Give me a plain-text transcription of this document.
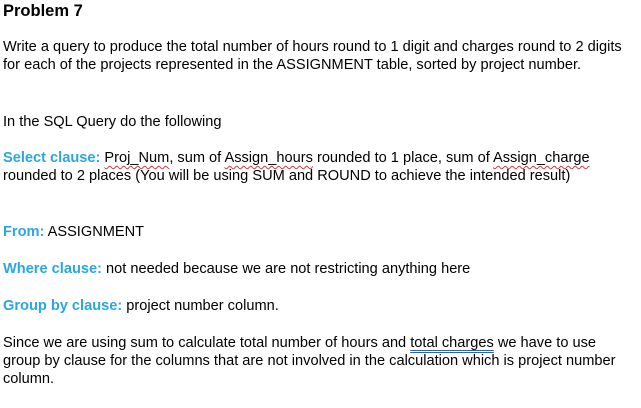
Problem 7

Write a query to produce the total number of hours round to 1 digit and charges round to 2 digits for each of the projects represented in the ASSIGNMENT table, sorted by project number.

In the SQL Query do the following

Select clause: Proj_Num, sum of Assign_hours rounded to 1 place, sum of Assign_charge rounded to 2 places (You will be using SUM and ROUND to achieve the intended result)

From: ASSIGNMENT

Where clause: not needed because we are not restricting anything here

Group by clause: project number column.

Since we are using sum to calculate total number of hours and total charges we have to use group by clause for the columns that are not involved in the calculation which is project number column.
